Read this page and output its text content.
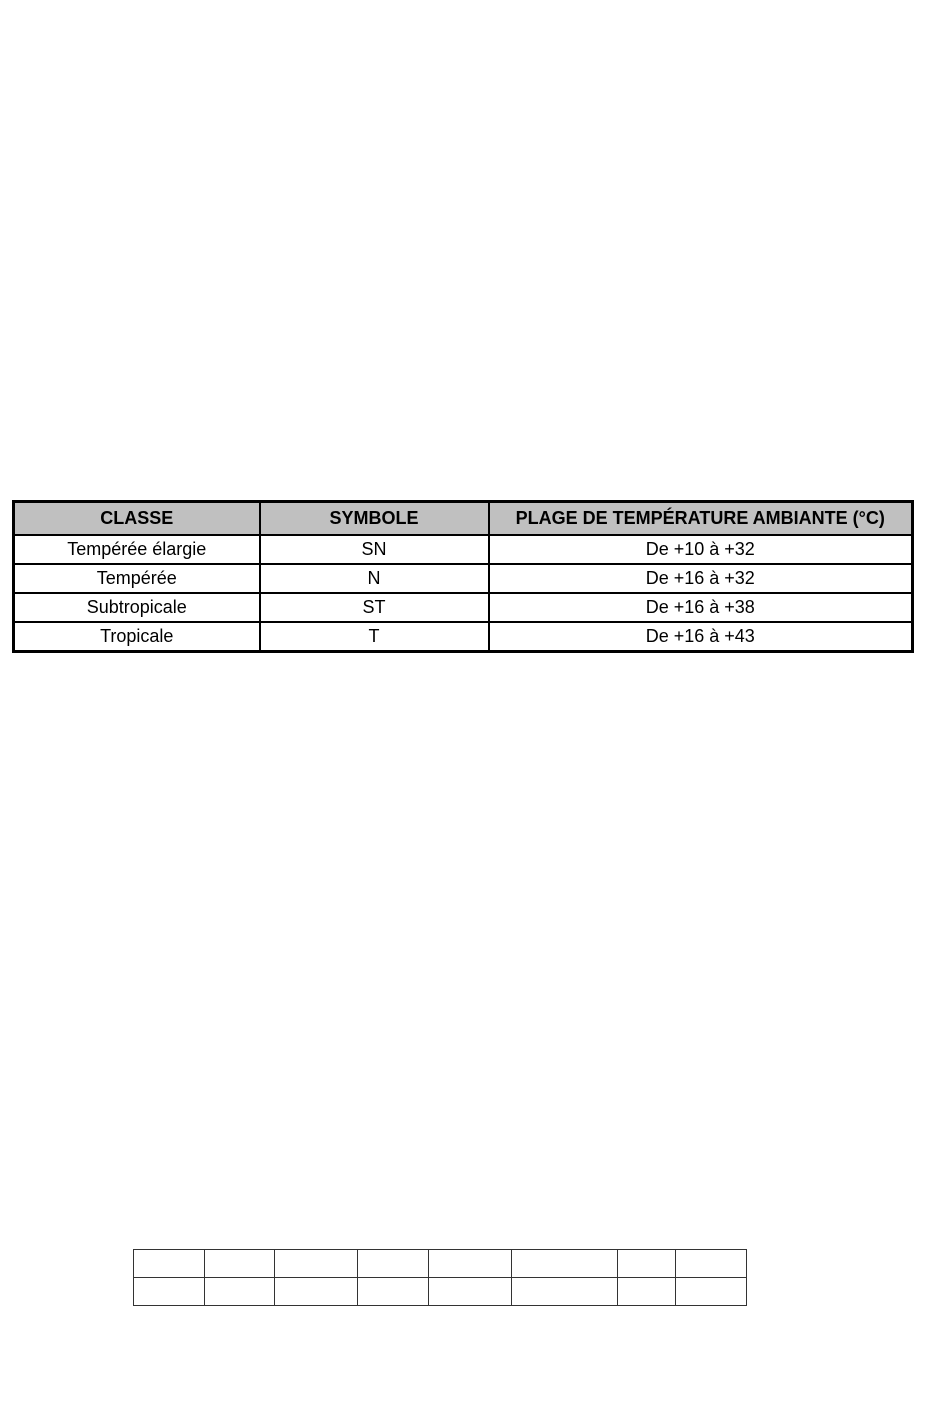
CLASSE	SYMBOLE	PLAGE DE TEMPÉRATURE AMBIANTE (°C)
Tempérée élargie	SN	De +10 à +32
Tempérée	N	De +16 à +32
Subtropicale	ST	De +16 à +38
Tropicale	T	De +16 à +43
